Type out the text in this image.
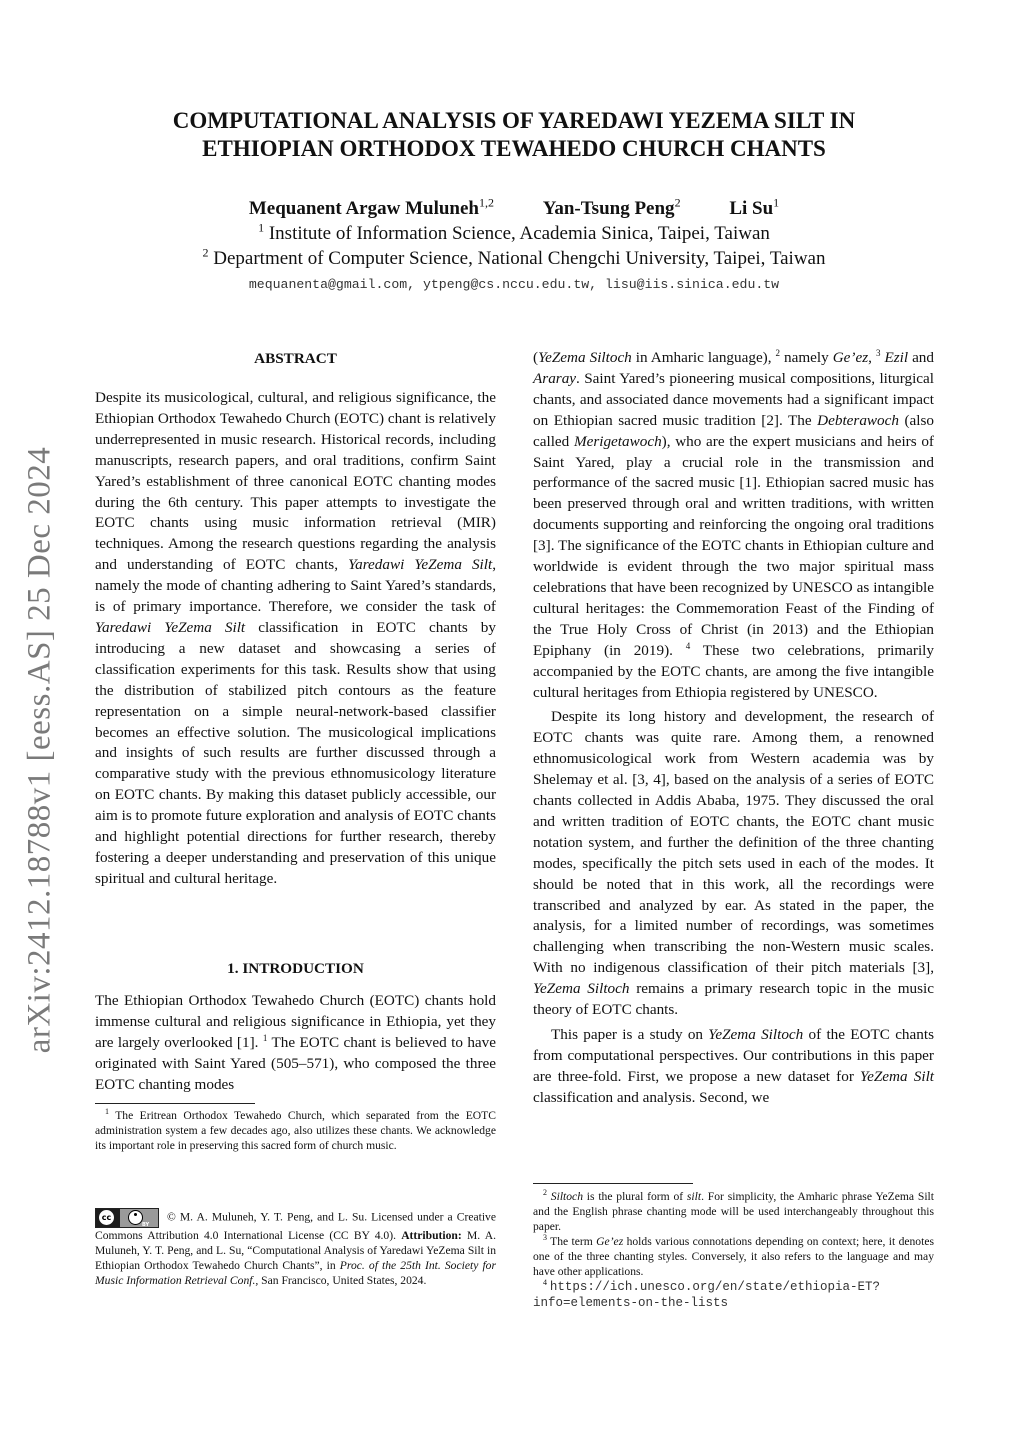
arXiv:2412.18788v1 [eess.AS] 25 Dec 2024
COMPUTATIONAL ANALYSIS OF YAREDAWI YEZEMA SILT IN
ETHIOPIAN ORTHODOX TEWAHEDO CHURCH CHANTS
Mequanent Argaw Muluneh$^{1,2}$	Yan-Tsung Peng$^2$	Li Su$^1$
$^1$ Institute of Information Science, Academia Sinica, Taipei, Taiwan
$^2$ Department of Computer Science, National Chengchi University, Taipei, Taiwan
mequanenta@gmail.com, ytpeng@cs.nccu.edu.tw, lisu@iis.sinica.edu.tw
ABSTRACT

Despite its musicological, cultural, and religious significance, the Ethiopian Orthodox Tewahedo Church (EOTC) chant is relatively underrepresented in music research. Historical records, including manuscripts, research papers, and oral traditions, confirm Saint Yared’s establishment of three canonical EOTC chanting modes during the 6th century. This paper attempts to investigate the EOTC chants using music information retrieval (MIR) techniques. Among the research questions regarding the analysis and understanding of EOTC chants, Yaredawi YeZema Silt, namely the mode of chanting adhering to Saint Yared’s standards, is of primary importance. Therefore, we consider the task of Yaredawi YeZema Silt classification in EOTC chants by introducing a new dataset and showcasing a series of classification experiments for this task. Results show that using the distribution of stabilized pitch contours as the feature representation on a simple neural-network-based classifier becomes an effective solution. The musicological implications and insights of such results are further discussed through a comparative study with the previous ethnomusicology literature on EOTC chants. By making this dataset publicly accessible, our aim is to promote future exploration and analysis of EOTC chants and highlight potential directions for further research, thereby fostering a deeper understanding and preservation of this unique spiritual and cultural heritage.

1. INTRODUCTION

The Ethiopian Orthodox Tewahedo Church (EOTC) chants hold immense cultural and religious significance in Ethiopia, yet they are largely overlooked [1]. $^1$ The EOTC chant is believed to have originated with Saint Yared (505–571), who composed the three EOTC chanting modes

$^1$ The Eritrean Orthodox Tewahedo Church, which separated from the EOTC administration system a few decades ago, also utilizes these chants. We acknowledge its important role in preserving this sacred form of church music.

cc
BY
© M. A. Muluneh, Y. T. Peng, and L. Su. Licensed under a Creative Commons Attribution 4.0 International License (CC BY 4.0). Attribution: M. A. Muluneh, Y. T. Peng, and L. Su, “Computational Analysis of Yaredawi YeZema Silt in Ethiopian Orthodox Tewahedo Church Chants”, in Proc. of the 25th Int. Society for Music Information Retrieval Conf., San Francisco, United States, 2024.

(YeZema Siltoch in Amharic language), $^2$ namely Ge’ez, $^3$ Ezil and Araray. Saint Yared’s pioneering musical compositions, liturgical chants, and associated dance movements had a significant impact on Ethiopian sacred music tradition [2]. The Debterawoch (also called Merigetawoch), who are the expert musicians and heirs of Saint Yared, play a crucial role in the transmission and performance of the sacred music [1]. Ethiopian sacred music has been preserved through oral and written traditions, with written documents supporting and reinforcing the ongoing oral traditions [3]. The significance of the EOTC chants in Ethiopian culture and worldwide is evident through the two major spiritual mass celebrations that have been recognized by UNESCO as intangible cultural heritages: the Commemoration Feast of the Finding of the True Holy Cross of Christ (in 2013) and the Ethiopian Epiphany (in 2019). $^4$ These two celebrations, primarily accompanied by the EOTC chants, are among the five intangible cultural heritages from Ethiopia registered by UNESCO.

Despite its long history and development, the research of EOTC chants was quite rare. Among them, a renowned ethnomusicological work from Western academia was by Shelemay et al. [3, 4], based on the analysis of a series of EOTC chants collected in Addis Ababa, 1975. They discussed the oral and written tradition of EOTC chants, the EOTC chant music notation system, and further the definition of the three chanting modes, specifically the pitch sets used in each of the modes. It should be noted that in this work, all the recordings were transcribed and analyzed by ear. As stated in the paper, the analysis, for a limited number of recordings, was sometimes challenging when transcribing the non-Western music scales. With no indigenous classification of their pitch materials [3], YeZema Siltoch remains a primary research topic in the music theory of EOTC chants.

This paper is a study on YeZema Siltoch of the EOTC chants from computational perspectives. Our contributions in this paper are three-fold. First, we propose a new dataset for YeZema Silt classification and analysis. Second, we

$^2$ Siltoch is the plural form of silt. For simplicity, the Amharic phrase YeZema Silt and the English phrase chanting mode will be used interchangeably throughout this paper.

$^3$ The term Ge’ez holds various connotations depending on context; here, it denotes one of the three chanting styles. Conversely, it also refers to the language and may have other applications.

$^4$ https://ich.unesco.org/en/state/ethiopia-ET?

info=elements-on-the-lists
